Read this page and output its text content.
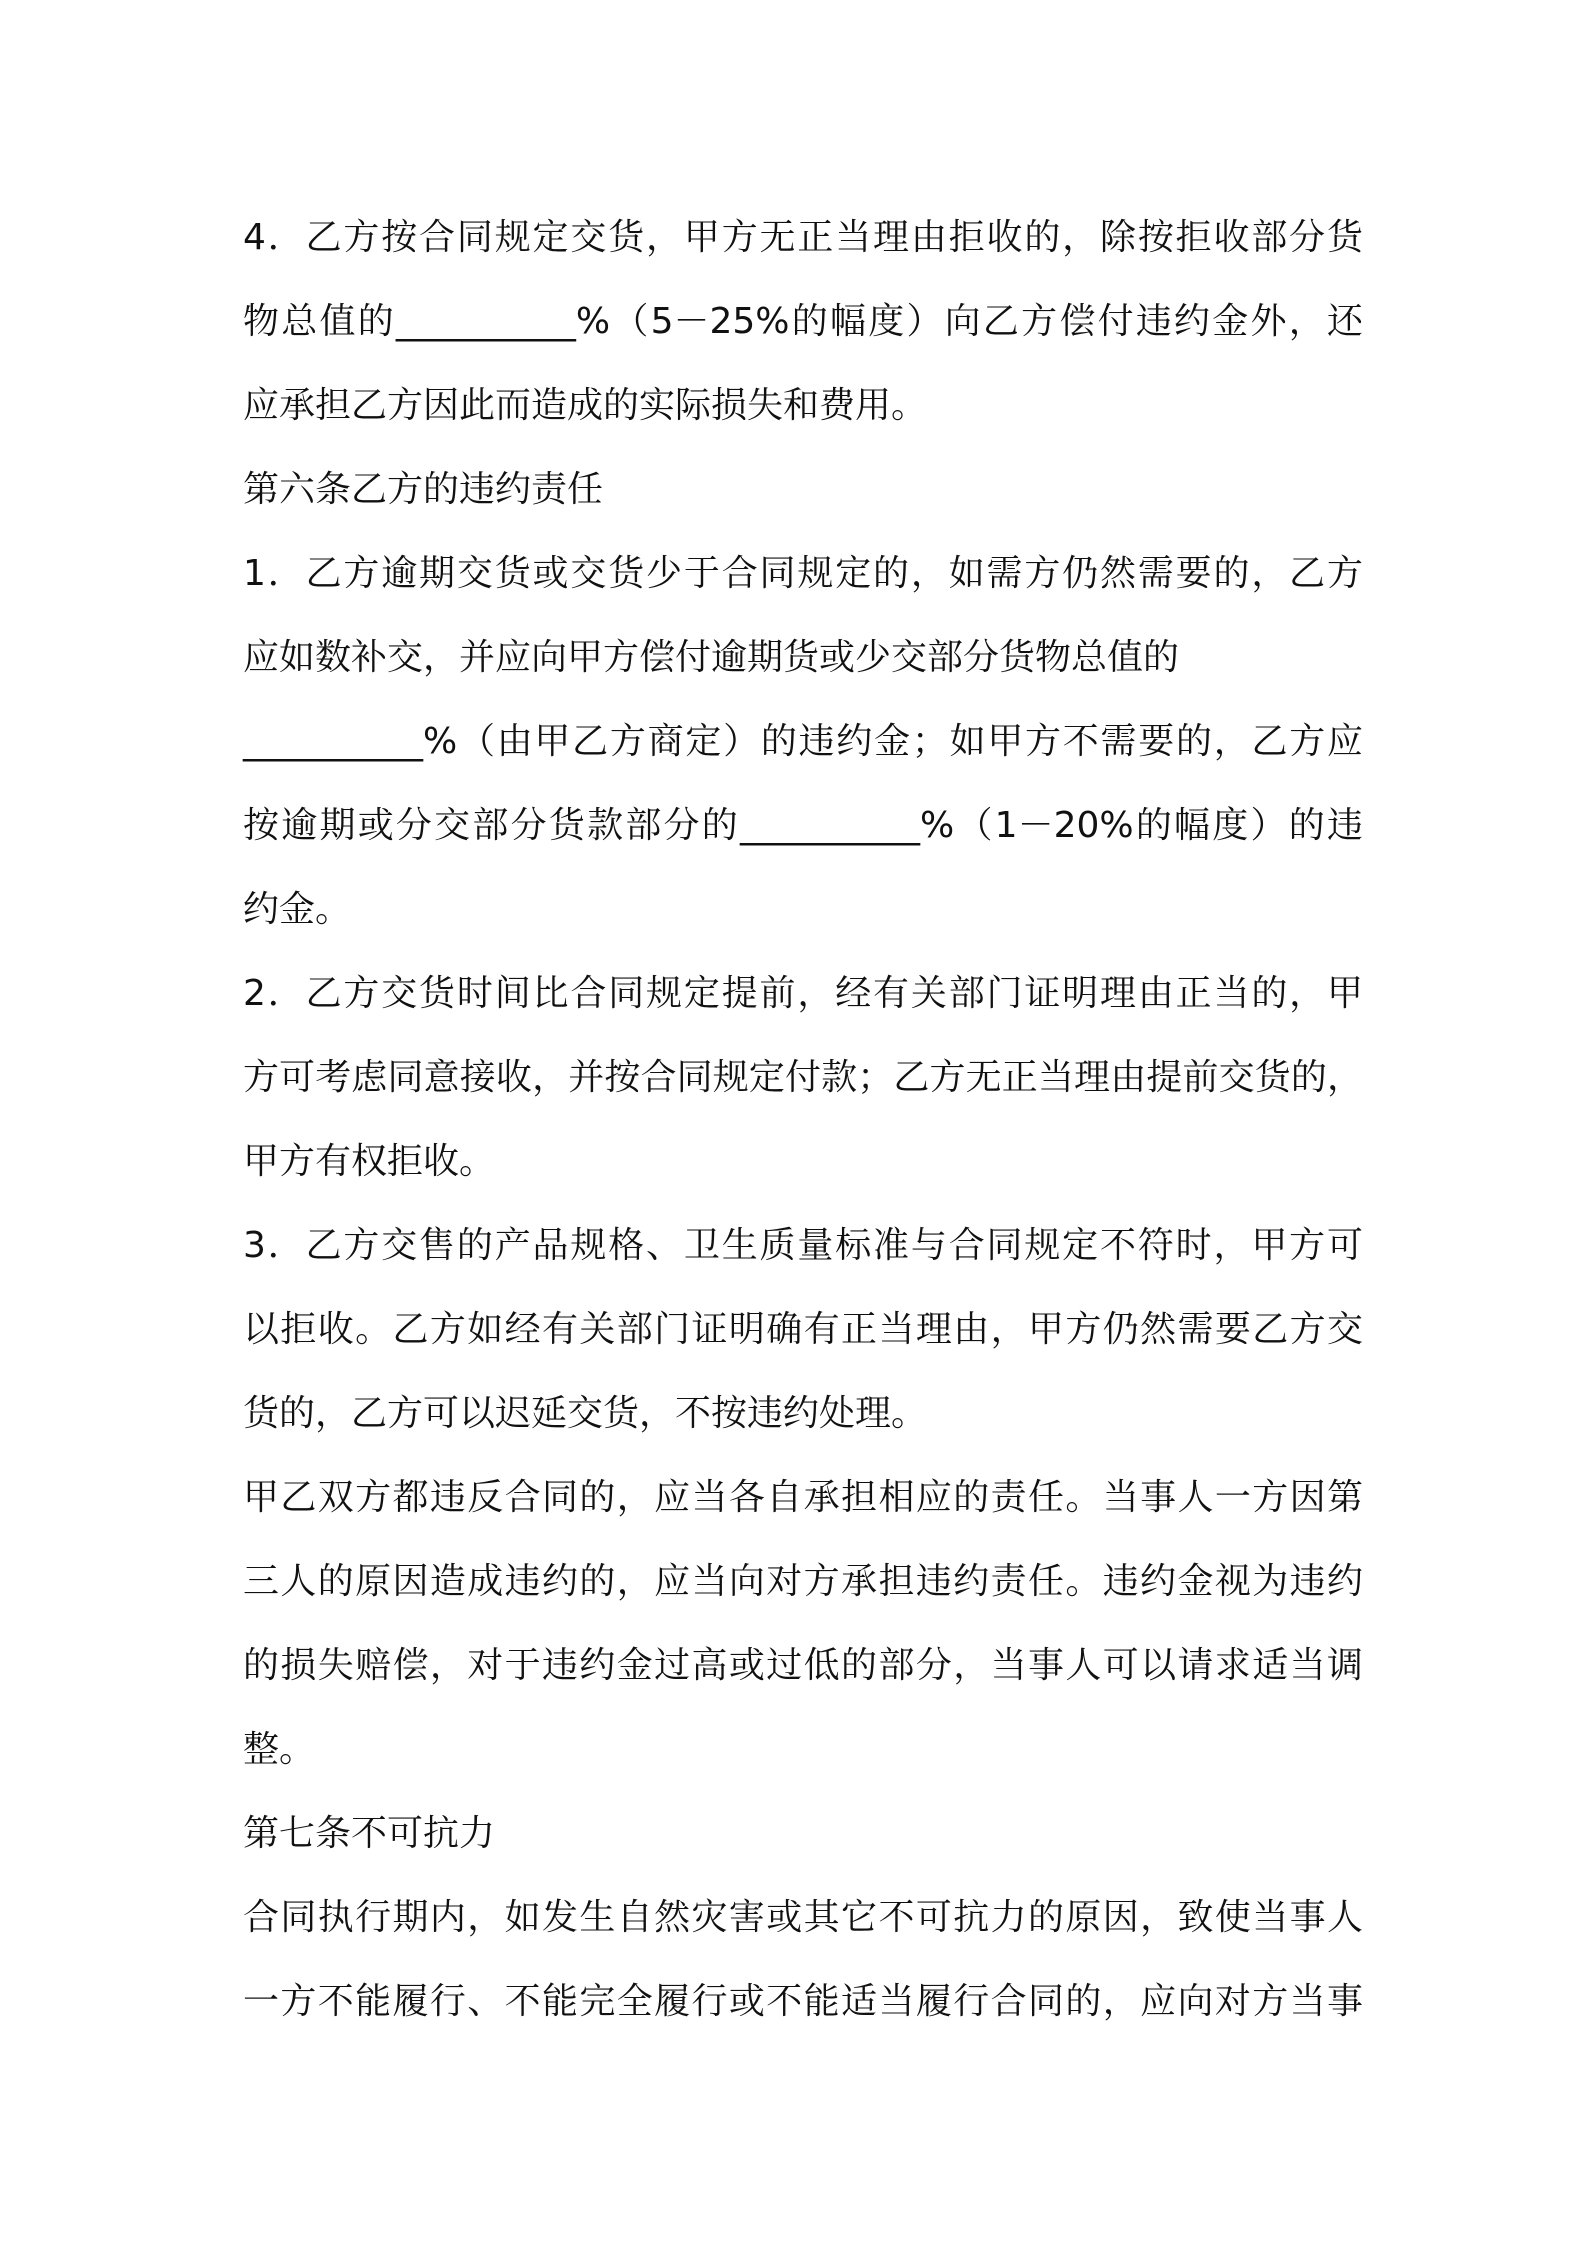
4．乙方按合同规定交货，甲方无正当理由拒收的，除按拒收部分货
物总值的__________%（5－25%的幅度）向乙方偿付违约金外，还
应承担乙方因此而造成的实际损失和费用。
第六条乙方的违约责任
1．乙方逾期交货或交货少于合同规定的，如需方仍然需要的，乙方
应如数补交，并应向甲方偿付逾期货或少交部分货物总值的
__________%（由甲乙方商定）的违约金；如甲方不需要的，乙方应
按逾期或分交部分货款部分的__________%（1－20%的幅度）的违
约金。
2．乙方交货时间比合同规定提前，经有关部门证明理由正当的，甲
方可考虑同意接收，并按合同规定付款；乙方无正当理由提前交货的，
甲方有权拒收。
3．乙方交售的产品规格、卫生质量标准与合同规定不符时，甲方可
以拒收。乙方如经有关部门证明确有正当理由，甲方仍然需要乙方交
货的，乙方可以迟延交货，不按违约处理。
甲乙双方都违反合同的，应当各自承担相应的责任。当事人一方因第
三人的原因造成违约的，应当向对方承担违约责任。违约金视为违约
的损失赔偿，对于违约金过高或过低的部分，当事人可以请求适当调
整。
第七条不可抗力
合同执行期内，如发生自然灾害或其它不可抗力的原因，致使当事人
一方不能履行、不能完全履行或不能适当履行合同的，应向对方当事
